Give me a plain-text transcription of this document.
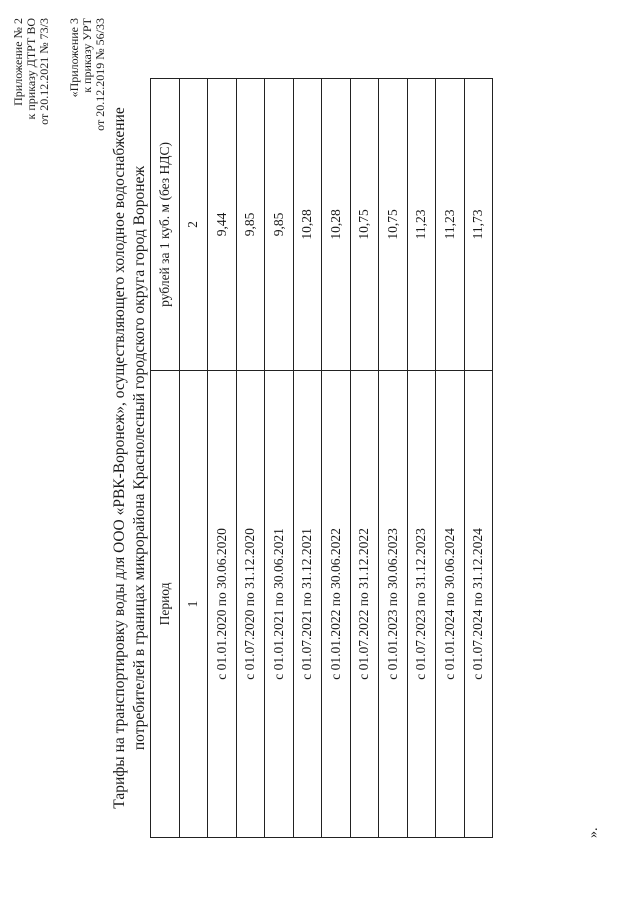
Приложение № 2 к приказу ДТРТ ВО от 20.12.2021 № 73/3 «Приложение 3 к приказу УРТ от 20.12.2019 № 56/33
Тарифы на транспортировку воды для ООО «РВК-Воронеж», осуществляющего холодное водоснабжение потребителей в границах микрорайона Краснолесный городского округа город Воронеж Период	рублей за 1 куб. м (без НДС)
1	2
с 01.01.2020 по 30.06.2020	9,44
с 01.07.2020 по 31.12.2020	9,85
с 01.01.2021 по 30.06.2021	9,85
с 01.07.2021 по 31.12.2021	10,28
с 01.01.2022 по 30.06.2022	10,28
с 01.07.2022 по 31.12.2022	10,75
с 01.01.2023 по 30.06.2023	10,75
с 01.07.2023 по 31.12.2023	11,23
с 01.01.2024 по 30.06.2024	11,23
с 01.07.2024 по 31.12.2024	11,73
».
